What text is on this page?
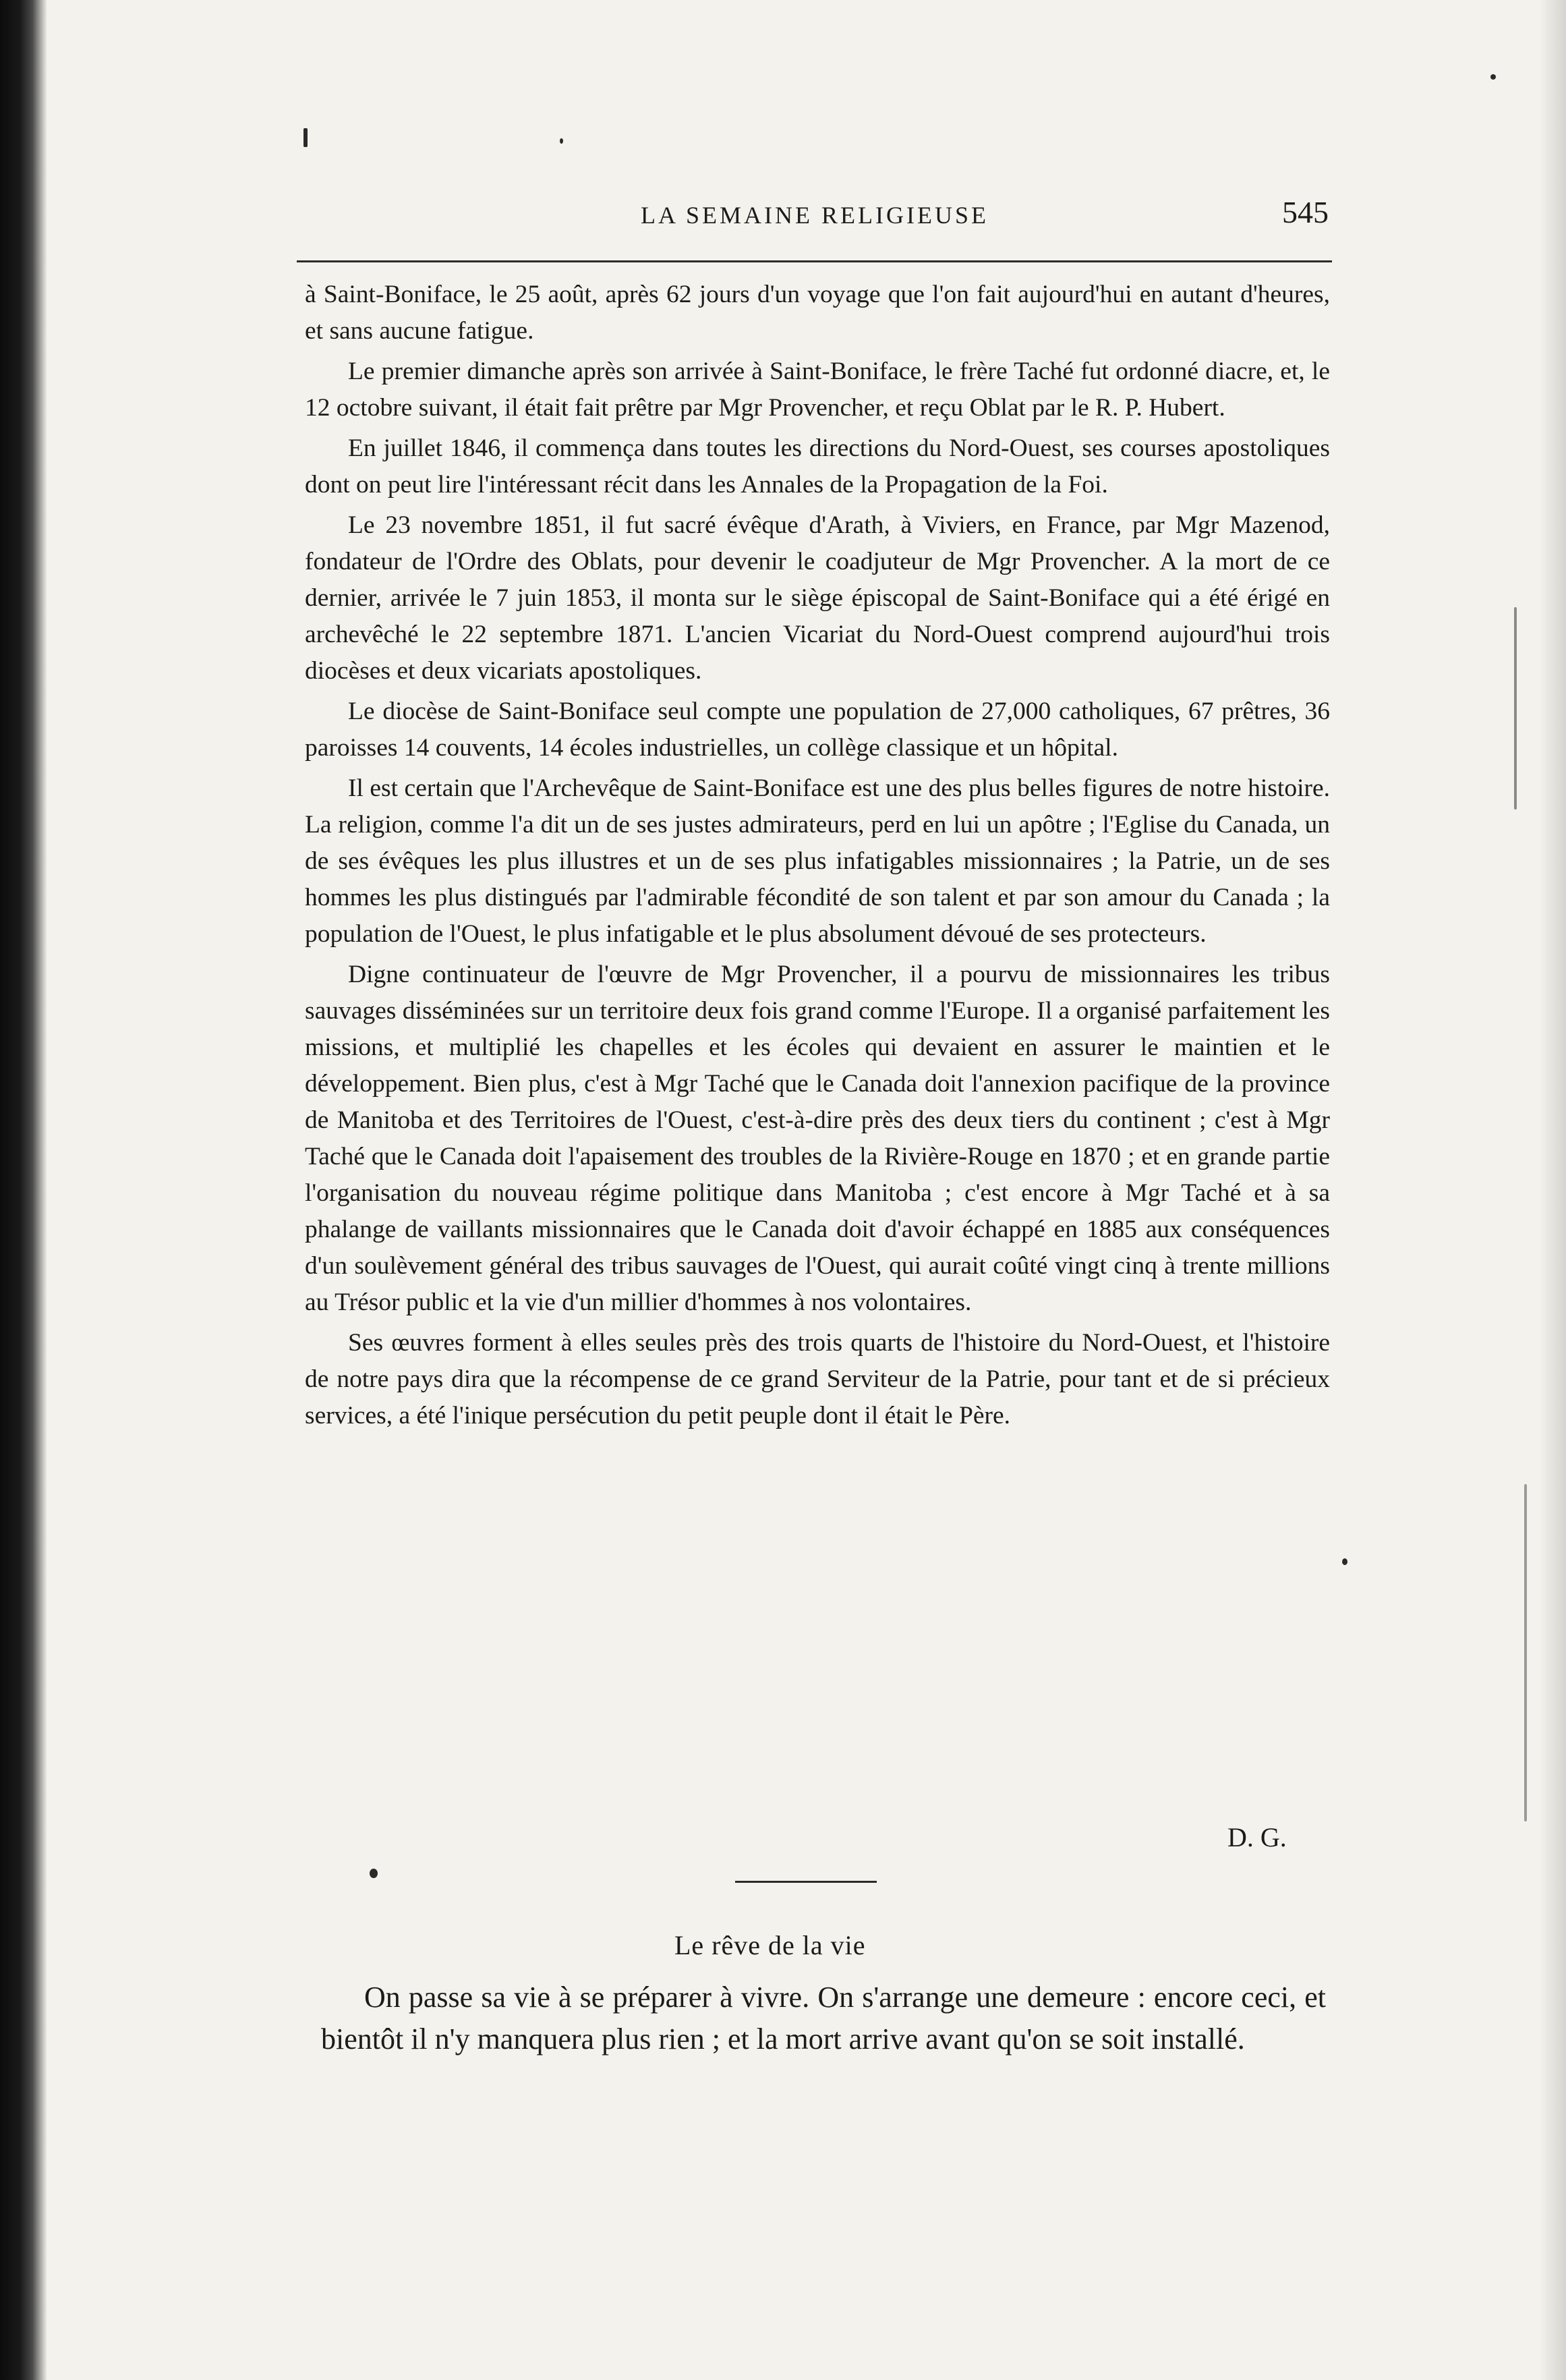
LA SEMAINE RELIGIEUSE	545

à Saint-Boniface, le 25 août, après 62 jours d'un voyage que l'on fait aujourd'hui en autant d'heures, et sans aucune fatigue.

Le premier dimanche après son arrivée à Saint-Boniface, le frère Taché fut ordonné diacre, et, le 12 octobre suivant, il était fait prêtre par Mgr Provencher, et reçu Oblat par le R. P. Hubert.

En juillet 1846, il commença dans toutes les directions du Nord-Ouest, ses courses apostoliques dont on peut lire l'intéressant récit dans les Annales de la Propagation de la Foi.

Le 23 novembre 1851, il fut sacré évêque d'Arath, à Viviers, en France, par Mgr Mazenod, fondateur de l'Ordre des Oblats, pour devenir le coadjuteur de Mgr Provencher. A la mort de ce dernier, arrivée le 7 juin 1853, il monta sur le siège épiscopal de Saint-Boniface qui a été érigé en archevêché le 22 septembre 1871. L'ancien Vicariat du Nord-Ouest comprend aujourd'hui trois diocèses et deux vicariats apostoliques.

Le diocèse de Saint-Boniface seul compte une population de 27,000 catholiques, 67 prêtres, 36 paroisses 14 couvents, 14 écoles industrielles, un collège classique et un hôpital.

Il est certain que l'Archevêque de Saint-Boniface est une des plus belles figures de notre histoire. La religion, comme l'a dit un de ses justes admirateurs, perd en lui un apôtre ; l'Eglise du Canada, un de ses évêques les plus illustres et un de ses plus infatigables missionnaires ; la Patrie, un de ses hommes les plus distingués par l'admirable fécondité de son talent et par son amour du Canada ; la population de l'Ouest, le plus infatigable et le plus absolument dévoué de ses protecteurs.

Digne continuateur de l'œuvre de Mgr Provencher, il a pourvu de missionnaires les tribus sauvages disséminées sur un territoire deux fois grand comme l'Europe. Il a organisé parfaitement les missions, et multiplié les chapelles et les écoles qui devaient en assurer le maintien et le développement. Bien plus, c'est à Mgr Taché que le Canada doit l'annexion pacifique de la province de Manitoba et des Territoires de l'Ouest, c'est-à-dire près des deux tiers du continent ; c'est à Mgr Taché que le Canada doit l'apaisement des troubles de la Rivière-Rouge en 1870 ; et en grande partie l'organisation du nouveau régime politique dans Manitoba ; c'est encore à Mgr Taché et à sa phalange de vaillants missionnaires que le Canada doit d'avoir échappé en 1885 aux conséquences d'un soulèvement général des tribus sauvages de l'Ouest, qui aurait coûté vingt cinq à trente millions au Trésor public et la vie d'un millier d'hommes à nos volontaires.

Ses œuvres forment à elles seules près des trois quarts de l'histoire du Nord-Ouest, et l'histoire de notre pays dira que la récompense de ce grand Serviteur de la Patrie, pour tant et de si précieux services, a été l'inique persécution du petit peuple dont il était le Père.

D. G.
Le rêve de la vie

On passe sa vie à se préparer à vivre. On s'arrange une demeure : encore ceci, et bientôt il n'y manquera plus rien ; et la mort arrive avant qu'on se soit installé.
